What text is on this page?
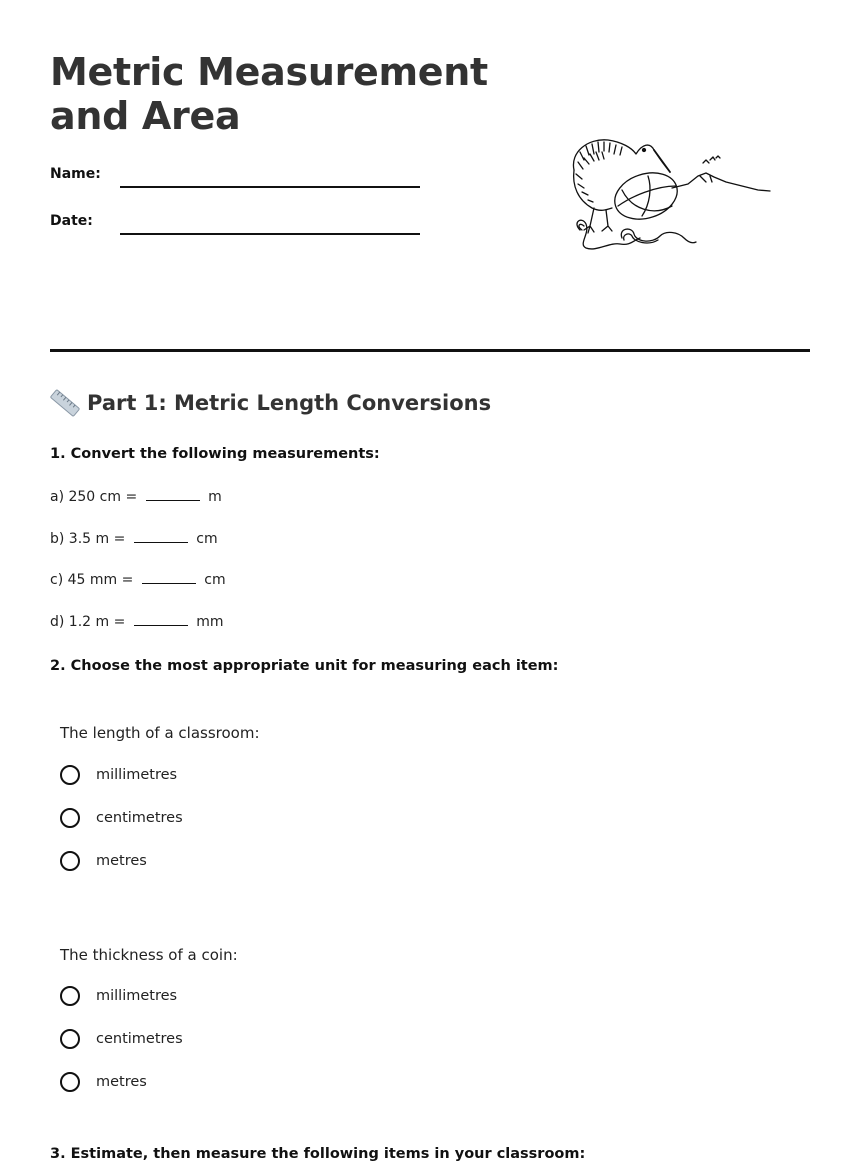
Metric Measurement
and Area
Name:
Date:
Part 1: Metric Length Conversions
1. Convert the following measurements:
a) 250 cm =	m
b) 3.5 m =	cm
c) 45 mm =	cm
d) 1.2 m =	mm
2. Choose the most appropriate unit for measuring each item:
The length of a classroom:
millimetres
centimetres
metres
The thickness of a coin:
millimetres
centimetres
metres
3. Estimate, then measure the following items in your classroom:
